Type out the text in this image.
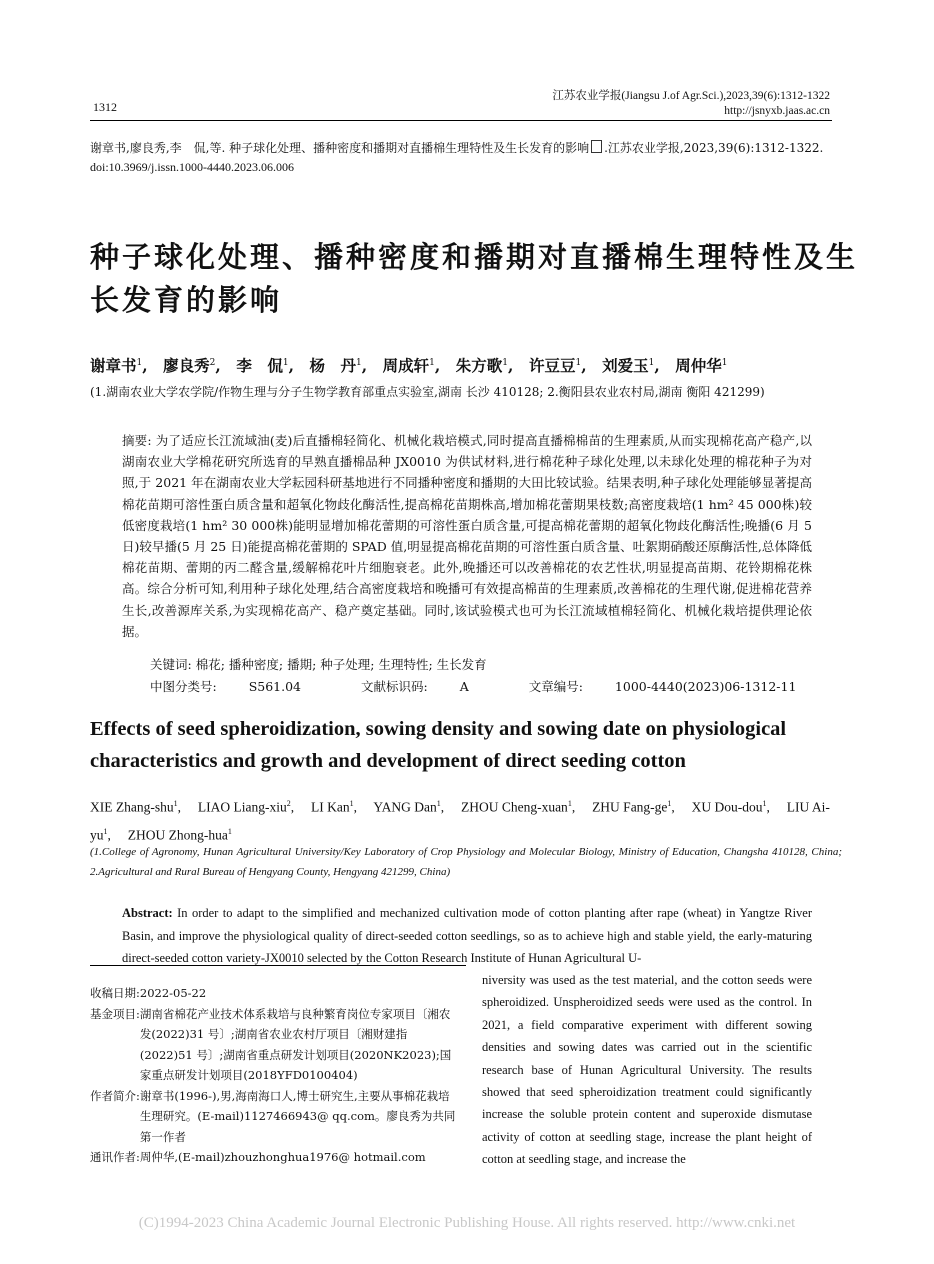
1312
江苏农业学报(Jiangsu J.of Agr.Sci.),2023,39(6):1312-1322
http://jsnyxb.jaas.ac.cn
谢章书,廖良秀,李　侃,等. 种子球化处理、播种密度和播期对直播棉生理特性及生长发育的影响 .江苏农业学报,2023,39(6):1312-1322.
doi:10.3969/j.issn.1000-4440.2023.06.006
种子球化处理、播种密度和播期对直播棉生理特性及生长发育的影响
谢章书$^1$,　廖良秀$^2$,　李　侃$^1$,　杨　丹$^1$,　周成轩$^1$,　朱方歌$^1$,　许豆豆$^1$,　刘爱玉$^1$,　周仲华$^1$
(1.湖南农业大学农学院/作物生理与分子生物学教育部重点实验室,湖南 长沙 410128; 2.衡阳县农业农村局,湖南 衡阳 421299)
摘要: 为了适应长江流域油(麦)后直播棉轻简化、机械化栽培模式,同时提高直播棉棉苗的生理素质,从而实现棉花高产稳产,以湖南农业大学棉花研究所选育的早熟直播棉品种 JX0010 为供试材料,进行棉花种子球化处理,以未球化处理的棉花种子为对照,于 2021 年在湖南农业大学耘园科研基地进行不同播种密度和播期的大田比较试验。结果表明,种子球化处理能够显著提高棉花苗期可溶性蛋白质含量和超氧化物歧化酶活性,提高棉花苗期株高,增加棉花蕾期果枝数;高密度栽培(1 hm² 45 000株)较低密度栽培(1 hm² 30 000株)能明显增加棉花蕾期的可溶性蛋白质含量,可提高棉花蕾期的超氧化物歧化酶活性;晚播(6 月 5 日)较早播(5 月 25 日)能提高棉花蕾期的 SPAD 值,明显提高棉花苗期的可溶性蛋白质含量、吐絮期硝酸还原酶活性,总体降低棉花苗期、蕾期的丙二醛含量,缓解棉花叶片细胞衰老。此外,晚播还可以改善棉花的农艺性状,明显提高苗期、花铃期棉花株高。综合分析可知,利用种子球化处理,结合高密度栽培和晚播可有效提高棉苗的生理素质,改善棉花的生理代谢,促进棉花营养生长,改善源库关系,为实现棉花高产、稳产奠定基础。同时,该试验模式也可为长江流域植棉轻简化、机械化栽培提供理论依据。
关键词: 棉花; 播种密度; 播期; 种子处理; 生理特性; 生长发育
中图分类号:	S561.04	文献标识码:	A	文章编号:	1000-4440(2023)06-1312-11
Effects of seed spheroidization, sowing density and sowing date on physiological characteristics and growth and development of direct seeding cotton
XIE Zhang-shu$^1$,     LIAO Liang-xiu$^2$,     LI Kan$^1$,     YANG Dan$^1$,     ZHOU Cheng-xuan$^1$,     ZHU Fang-$ge^1$,     XU Dou-dou$^1$,     LIU $Ai-yu^1$,     ZHOU Zhong-hua$^1$
(1.College of Agronomy, Hunan Agricultural University/Key Laboratory of Crop Physiology and Molecular Biology, Ministry of Education, Changsha 410128, China; 2.Agricultural and Rural Bureau of Hengyang County, Hengyang 421299, China)
Abstract: In order to adapt to the simplified and mechanized cultivation mode of cotton planting after rape (wheat) in Yangtze River Basin, and improve the physiological quality of direct-seeded cotton seedlings, so as to achieve high and stable yield, the early-maturing direct-seeded cotton variety-JX0010 selected by the Cotton Research Institute of Hunan Agricultural U-
收稿日期: 2022-05-22
基金项目: 湖南省棉花产业技术体系栽培与良种繁育岗位专家项目〔湘农发(2022)31 号〕;湖南省农业农村厅项目〔湘财建指(2022)51 号〕;湖南省重点研发计划项目(2020NK2023);国家重点研发计划项目(2018YFD0100404)
作者简介: 谢章书(1996-),男,海南海口人,博士研究生,主要从事棉花栽培生理研究。(E-mail)1127466943@ qq.com。廖良秀为共同第一作者
通讯作者: 周仲华,(E-mail)zhouzhonghua1976@ hotmail.com
niversity was used as the test material, and the cotton seeds were spheroidized. Unspheroidized seeds were used as the control. In 2021, a field comparative experiment with different sowing densities and sowing dates was carried out in the scientific research base of Hunan Agricultural University. The results showed that seed spheroidization treatment could significantly increase the soluble protein content and superoxide dismutase activity of cotton at seedling stage, increase the plant height of cotton at seedling stage, and increase the
(C)1994-2023 China Academic Journal Electronic Publishing House. All rights reserved. http://www.cnki.net
